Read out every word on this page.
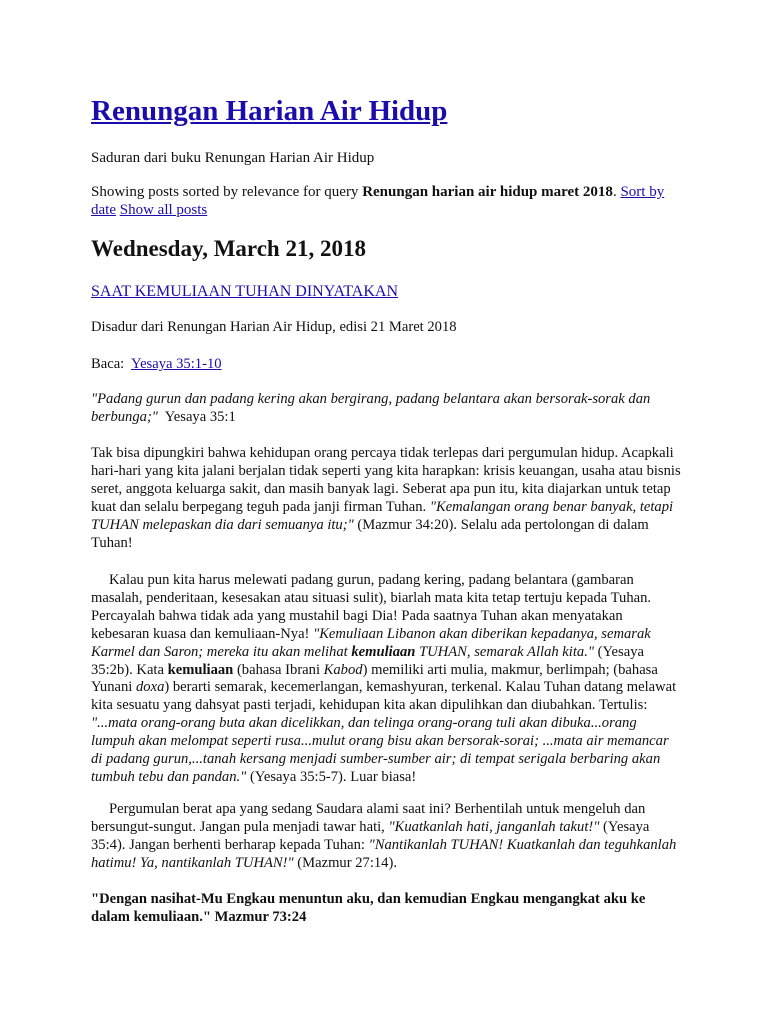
Renungan Harian Air Hidup

Saduran dari buku Renungan Harian Air Hidup

Showing posts sorted by relevance for query Renungan harian air hidup maret 2018. Sort by date Show all posts

Wednesday, March 21, 2018
SAAT KEMULIAAN TUHAN DINYATAKAN

Disadur dari Renungan Harian Air Hidup, edisi 21 Maret 2018

Baca: Yesaya 35:1-10

"Padang gurun dan padang kering akan bergirang, padang belantara akan bersorak-sorak dan berbunga;" Yesaya 35:1

Tak bisa dipungkiri bahwa kehidupan orang percaya tidak terlepas dari pergumulan hidup. Acapkali hari-hari yang kita jalani berjalan tidak seperti yang kita harapkan: krisis keuangan, usaha atau bisnis seret, anggota keluarga sakit, dan masih banyak lagi. Seberat apa pun itu, kita diajarkan untuk tetap kuat dan selalu berpegang teguh pada janji firman Tuhan. "Kemalangan orang benar banyak, tetapi TUHAN melepaskan dia dari semuanya itu;" (Mazmur 34:20). Selalu ada pertolongan di dalam Tuhan!

Kalau pun kita harus melewati padang gurun, padang kering, padang belantara (gambaran masalah, penderitaan, kesesakan atau situasi sulit), biarlah mata kita tetap tertuju kepada Tuhan. Percayalah bahwa tidak ada yang mustahil bagi Dia! Pada saatnya Tuhan akan menyatakan kebesaran kuasa dan kemuliaan-Nya! "Kemuliaan Libanon akan diberikan kepadanya, semarak Karmel dan Saron; mereka itu akan melihat kemuliaan TUHAN, semarak Allah kita." (Yesaya 35:2b). Kata kemuliaan (bahasa Ibrani Kabod) memiliki arti mulia, makmur, berlimpah; (bahasa Yunani doxa) berarti semarak, kecemerlangan, kemashyuran, terkenal. Kalau Tuhan datang melawat kita sesuatu yang dahsyat pasti terjadi, kehidupan kita akan dipulihkan dan diubahkan. Tertulis: "...mata orang-orang buta akan dicelikkan, dan telinga orang-orang tuli akan dibuka...orang lumpuh akan melompat seperti rusa...mulut orang bisu akan bersorak-sorai; ...mata air memancar di padang gurun,...tanah kersang menjadi sumber-sumber air; di tempat serigala berbaring akan tumbuh tebu dan pandan." (Yesaya 35:5-7). Luar biasa!

Pergumulan berat apa yang sedang Saudara alami saat ini? Berhentilah untuk mengeluh dan bersungut-sungut. Jangan pula menjadi tawar hati, "Kuatkanlah hati, janganlah takut!" (Yesaya 35:4). Jangan berhenti berharap kepada Tuhan: "Nantikanlah TUHAN! Kuatkanlah dan teguhkanlah hatimu! Ya, nantikanlah TUHAN!" (Mazmur 27:14).

"Dengan nasihat-Mu Engkau menuntun aku, dan kemudian Engkau mengangkat aku ke dalam kemuliaan." Mazmur 73:24
